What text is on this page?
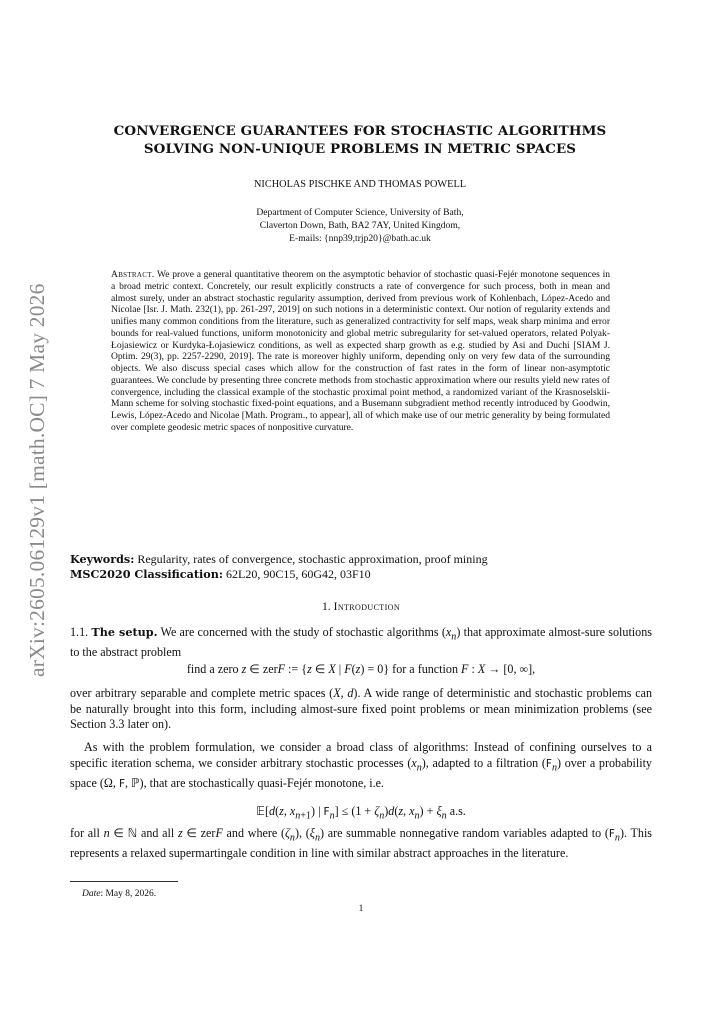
arXiv:2605.06129v1 [math.OC] 7 May 2026
CONVERGENCE GUARANTEES FOR STOCHASTIC ALGORITHMS
SOLVING NON-UNIQUE PROBLEMS IN METRIC SPACES
NICHOLAS PISCHKE AND THOMAS POWELL
Department of Computer Science, University of Bath,
Claverton Down, Bath, BA2 7AY, United Kingdom,
E-mails: {nnp39,trjp20}@bath.ac.uk
Abstract. We prove a general quantitative theorem on the asymptotic behavior of stochastic quasi-Fejér monotone sequences in a broad metric context. Concretely, our result explicitly constructs a rate of convergence for such process, both in mean and almost surely, under an abstract stochastic regularity assumption, derived from previous work of Kohlenbach, López-Acedo and Nicolae [Isr. J. Math. 232(1), pp. 261-297, 2019] on such notions in a deterministic context. Our notion of regularity extends and unifies many common conditions from the literature, such as generalized contractivity for self maps, weak sharp minima and error bounds for real-valued functions, uniform monotonicity and global metric subregularity for set-valued operators, related Polyak-Łojasiewicz or Kurdyka-Łojasiewicz conditions, as well as expected sharp growth as e.g. studied by Asi and Duchi [SIAM J. Optim. 29(3), pp. 2257-2290, 2019]. The rate is moreover highly uniform, depending only on very few data of the surrounding objects. We also discuss special cases which allow for the construction of fast rates in the form of linear non-asymptotic guarantees. We conclude by presenting three concrete methods from stochastic approximation where our results yield new rates of convergence, including the classical example of the stochastic proximal point method, a randomized variant of the Krasnoselskii-Mann scheme for solving stochastic fixed-point equations, and a Busemann subgradient method recently introduced by Goodwin, Lewis, López-Acedo and Nicolae [Math. Program., to appear], all of which make use of our metric generality by being formulated over complete geodesic metric spaces of nonpositive curvature.
Keywords: Regularity, rates of convergence, stochastic approximation, proof mining
MSC2020 Classification: 62L20, 90C15, 60G42, 03F10
1. Introduction
1.1. The setup. We are concerned with the study of stochastic algorithms $(x_n)$ that approximate almost-sure solutions to the abstract problem
find a zero z ∈ zerF := {z ∈ X | F(z) = 0} for a function F : X → [0, ∞],
over arbitrary separable and complete metric spaces (X, d). A wide range of deterministic and stochastic problems can be naturally brought into this form, including almost-sure fixed point problems or mean minimization problems (see Section 3.3 later on).
As with the problem formulation, we consider a broad class of algorithms: Instead of confining ourselves to a specific iteration schema, we consider arbitrary stochastic processes $(x_n)$, adapted to a filtration $(F_n)$ over a probability space (Ω, F, ℙ), that are stochastically quasi-Fejér monotone, i.e.
𝔼[d(z, $x_{n+1}$) | $F_n] \le (1 + \zeta_n)d(z$, $x_n) + \xi_n$ a.s.
for all n ∈ ℕ and all z ∈ zerF and where $(\zeta_n)$, $(\xi_n)$ are summable nonnegative random variables adapted to $(F_n)$. This represents a relaxed supermartingale condition in line with similar abstract approaches in the literature.
Date: May 8, 2026.
1
